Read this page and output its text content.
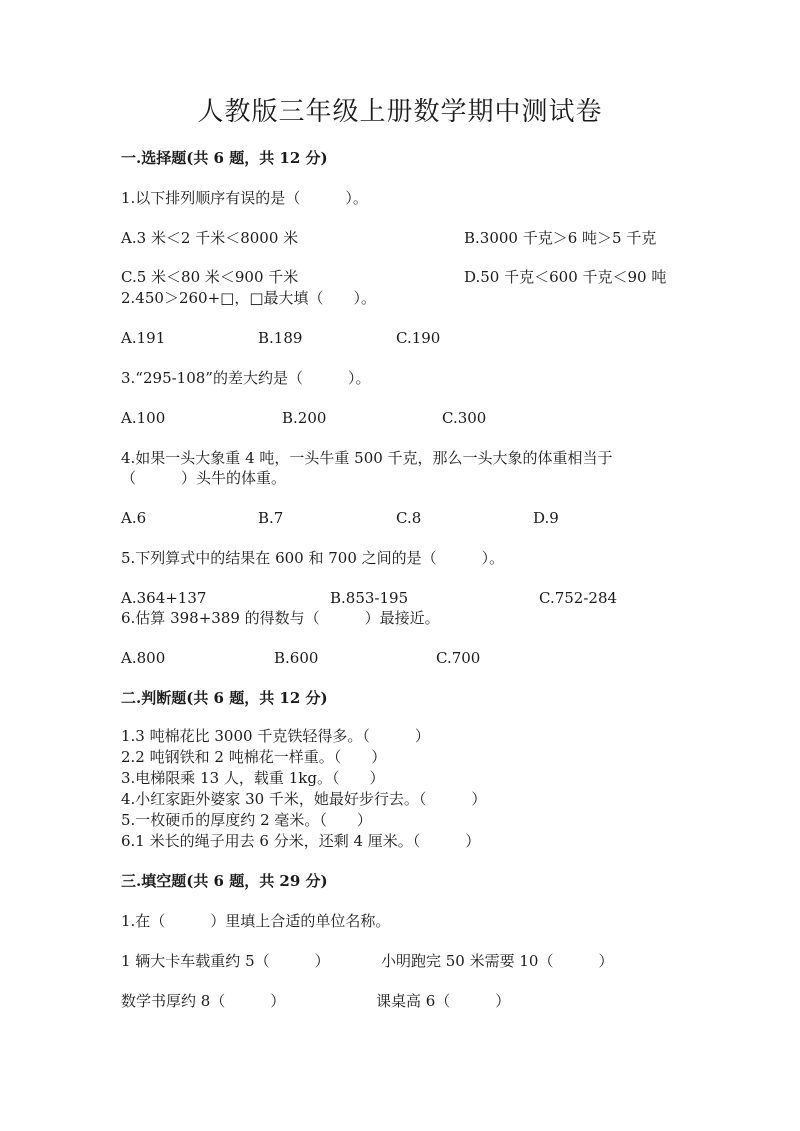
人教版三年级上册数学期中测试卷
一.选择题(共 6 题，共 12 分)
1.以下排列顺序有误的是（　　　）。
A.3 米＜2 千米＜8000 米	B.3000 千克＞6 吨＞5 千克
C.5 米＜80 米＜900 千米	D.50 千克＜600 千克＜90 吨
2.450＞260+□，□最大填（　　）。
A.191	B.189	C.190
3.“295-108”的差大约是（　　　）。
A.100	B.200	C.300
4.如果一头大象重 4 吨，一头牛重 500 千克，那么一头大象的体重相当于
（　　　）头牛的体重。
A.6	B.7	C.8	D.9
5.下列算式中的结果在 600 和 700 之间的是（　　　）。
A.364+137	B.853-195	C.752-284
6.估算 398+389 的得数与（　　　）最接近。
A.800	B.600	C.700
二.判断题(共 6 题，共 12 分)
1.3 吨棉花比 3000 千克铁轻得多。（　　　）
2.2 吨钢铁和 2 吨棉花一样重。（　　）
3.电梯限乘 13 人，载重 1kg。（　　）
4.小红家距外婆家 30 千米，她最好步行去。（　　　）
5.一枚硬币的厚度约 2 毫米。（　　）
6.1 米长的绳子用去 6 分米，还剩 4 厘米。（　　　）
三.填空题(共 6 题，共 29 分)
1.在（　　　）里填上合适的单位名称。
1 辆大卡车载重约 5（　　　）	小明跑完 50 米需要 10（　　　）
数学书厚约 8（　　　）	课桌高 6（　　　）
